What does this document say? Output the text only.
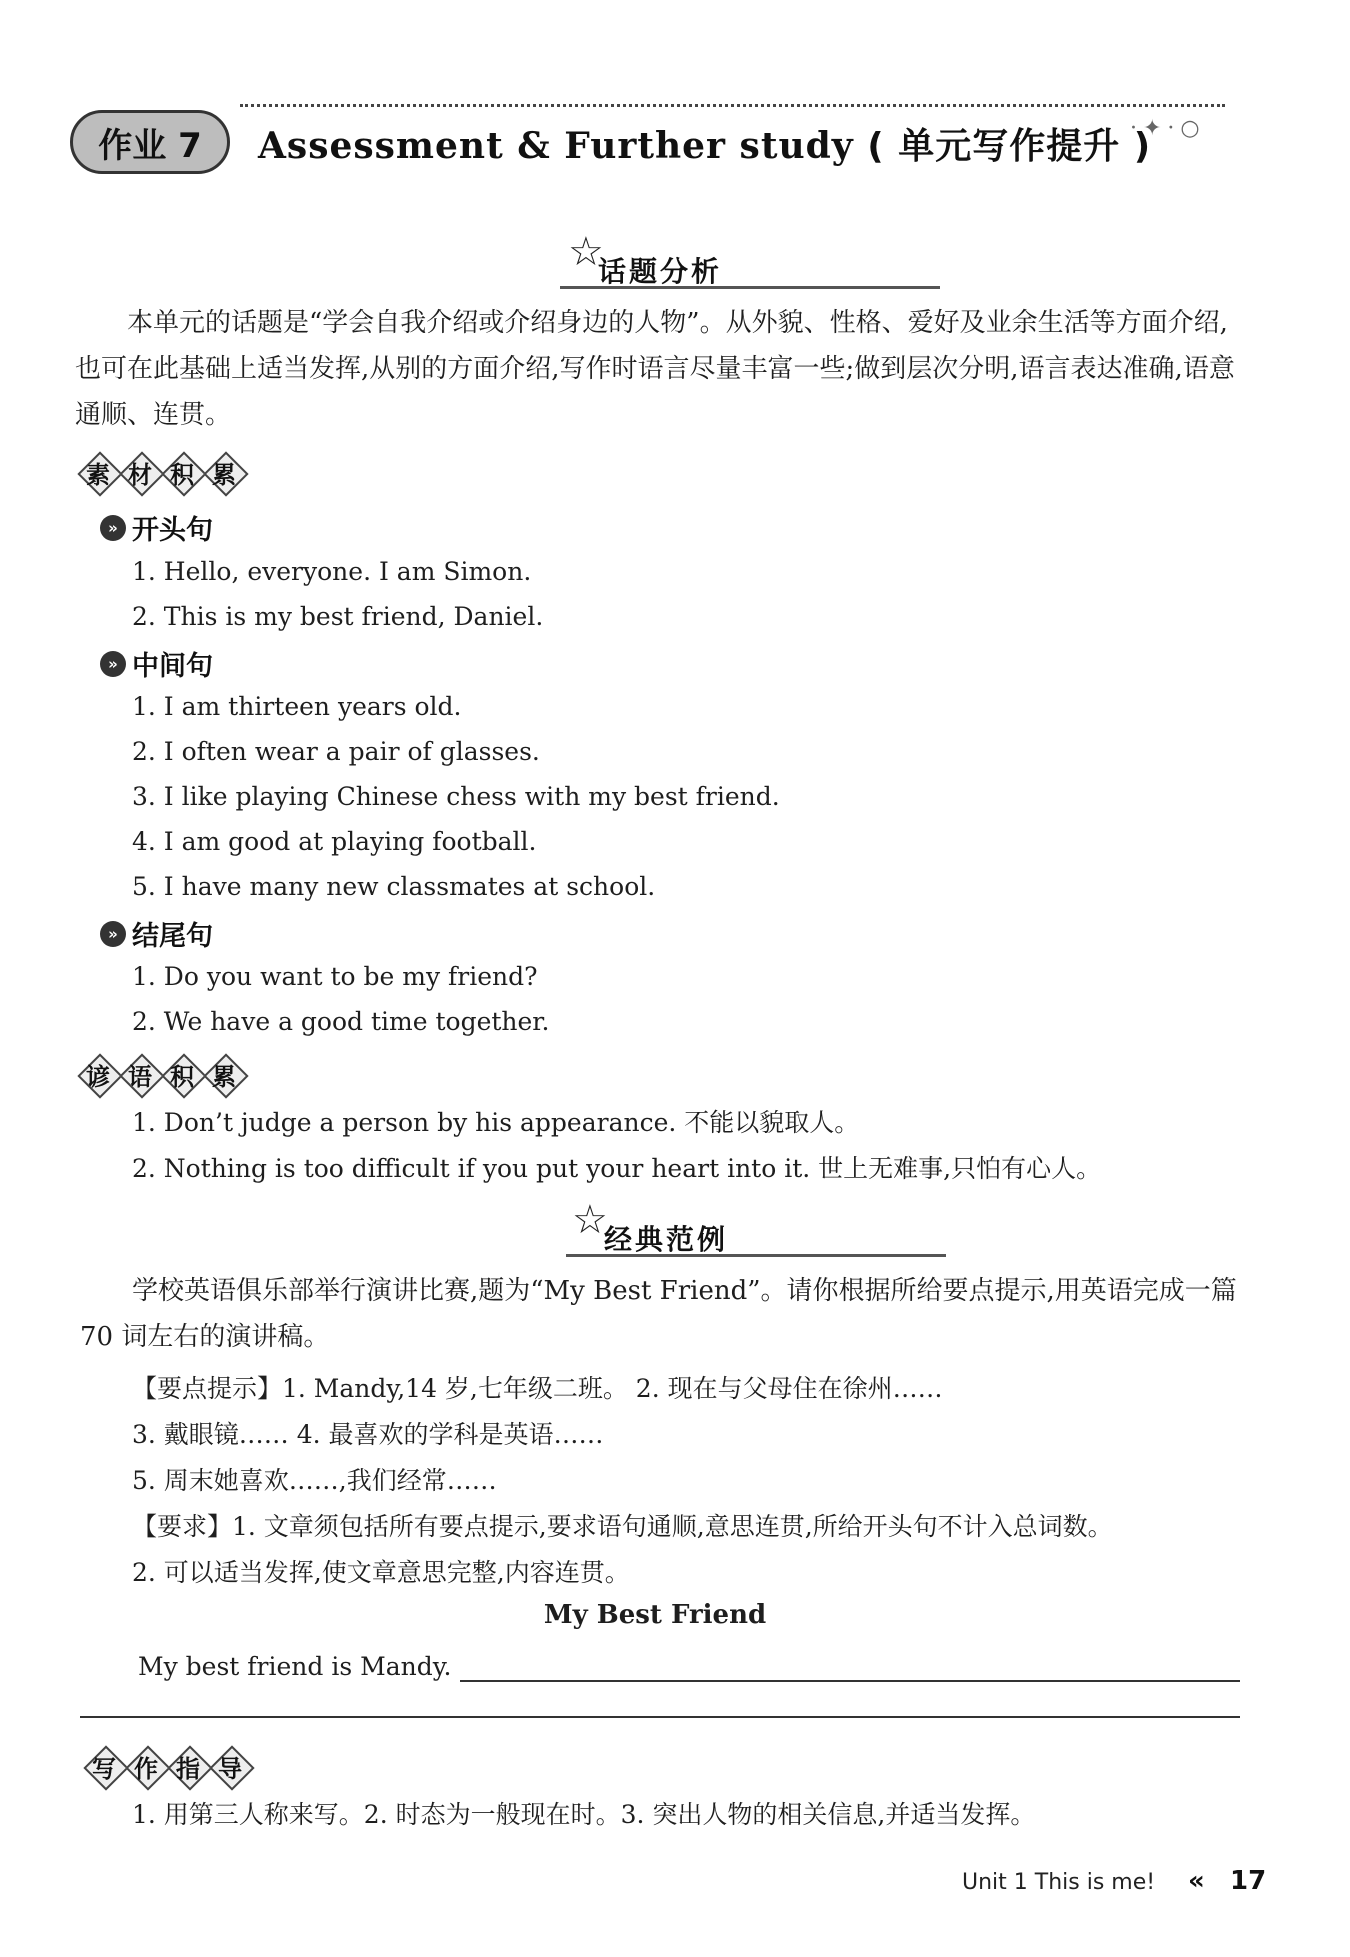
作业 7	Assessment & Further study ( 单元写作提升 )
·✦·○
☆
话题分析
本单元的话题是“学会自我介绍或介绍身边的人物”。从外貌、性格、爱好及业余生活等方面介绍,也可在此基础上适当发挥,从别的方面介绍,写作时语言尽量丰富一些;做到层次分明,语言表达准确,语意通顺、连贯。
素 材 积 累
» 开头句
1. Hello, everyone. I am Simon.
2. This is my best friend, Daniel.
» 中间句
1. I am thirteen years old.
2. I often wear a pair of glasses.
3. I like playing Chinese chess with my best friend.
4. I am good at playing football.
5. I have many new classmates at school.
» 结尾句
1. Do you want to be my friend?
2. We have a good time together.
谚 语 积 累
1. Don’t judge a person by his appearance. 不能以貌取人。
2. Nothing is too difficult if you put your heart into it. 世上无难事,只怕有心人。
☆
经典范例
学校英语俱乐部举行演讲比赛,题为“My Best Friend”。请你根据所给要点提示,用英语完成一篇 70 词左右的演讲稿。
【要点提示】1. Mandy,14 岁,七年级二班。 2. 现在与父母住在徐州……
3. 戴眼镜…… 4. 最喜欢的学科是英语……
5. 周末她喜欢……,我们经常……
【要求】1. 文章须包括所有要点提示,要求语句通顺,意思连贯,所给开头句不计入总词数。
2. 可以适当发挥,使文章意思完整,内容连贯。
My Best Friend
My best friend is Mandy.
写 作 指 导
1. 用第三人称来写。2. 时态为一般现在时。3. 突出人物的相关信息,并适当发挥。
Unit 1 This is me! « 17
